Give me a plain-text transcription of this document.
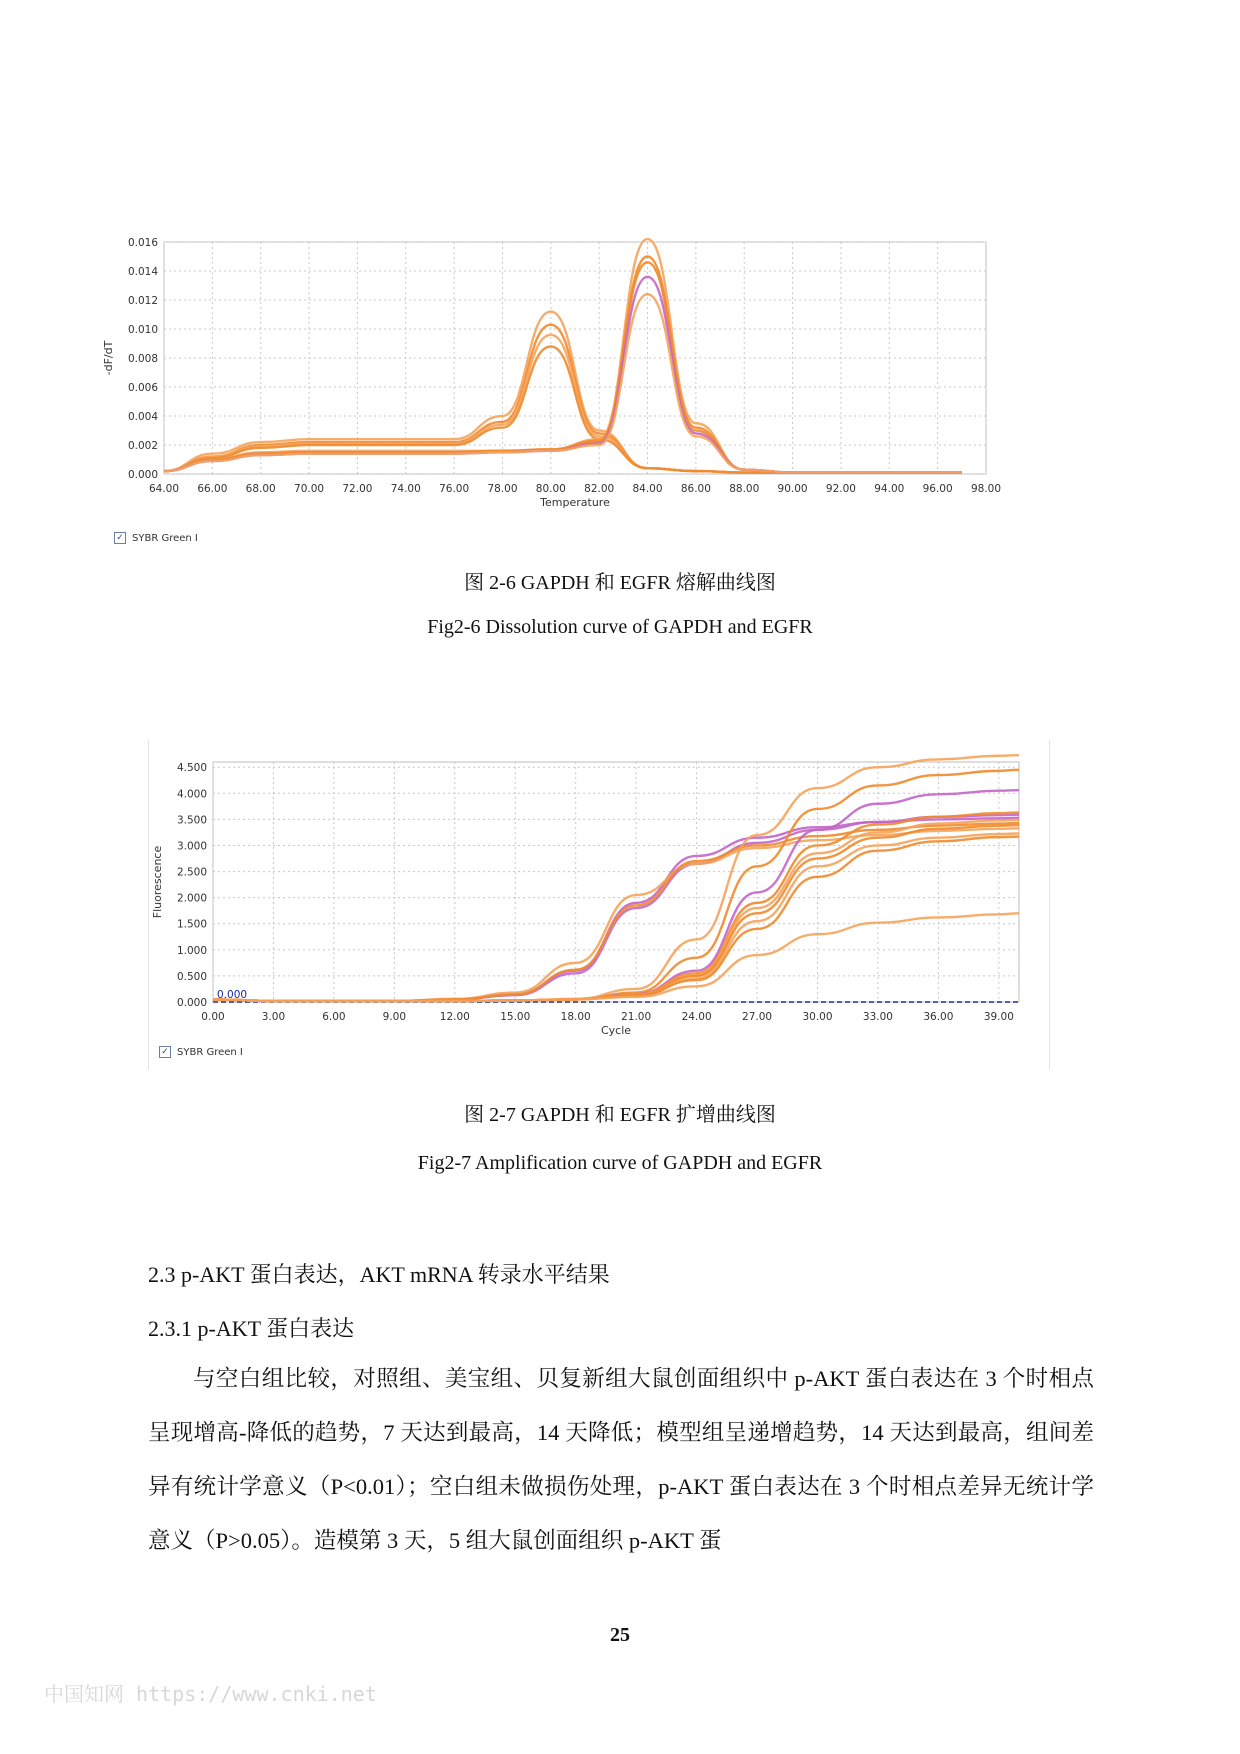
0.000
0.002
0.004
0.006
0.008
0.010
0.012
0.014
0.016
64.00 66.00 68.00 70.00 72.00 74.00 76.00 78.00 80.00 82.00 84.00 86.00 88.00 90.00 92.00 94.00 96.00 98.00
Temperature
-dF/dT
✓ SYBR Green I
图 2-6 GAPDH 和 EGFR 熔解曲线图
Fig2-6 Dissolution curve of GAPDH and EGFR
0.000
0.500
1.000
1.500
2.000
2.500
3.000
3.500
4.000
4.500
0.00	3.00	6.00	9.00	12.00	15.00	18.00	21.00	24.00	27.00	30.00	33.00	36.00	39.00
Cycle
Fluorescence
0.000
✓ SYBR Green I
图 2-7 GAPDH 和 EGFR 扩增曲线图
Fig2-7 Amplification curve of GAPDH and EGFR
2.3 p-AKT 蛋白表达，AKT mRNA 转录水平结果
2.3.1 p-AKT 蛋白表达

与空白组比较，对照组、美宝组、贝复新组大鼠创面组织中 p-AKT 蛋白表达在 3 个时相点呈现增高-降低的趋势，7 天达到最高，14 天降低；模型组呈递增趋势，14 天达到最高，组间差异有统计学意义（P<0.01）；空白组未做损伤处理，p-AKT 蛋白表达在 3 个时相点差异无统计学意义（P>0.05）。造模第 3 天，5 组大鼠创面组织 p-AKT 蛋

25
中国知网 https://www.cnki.net
